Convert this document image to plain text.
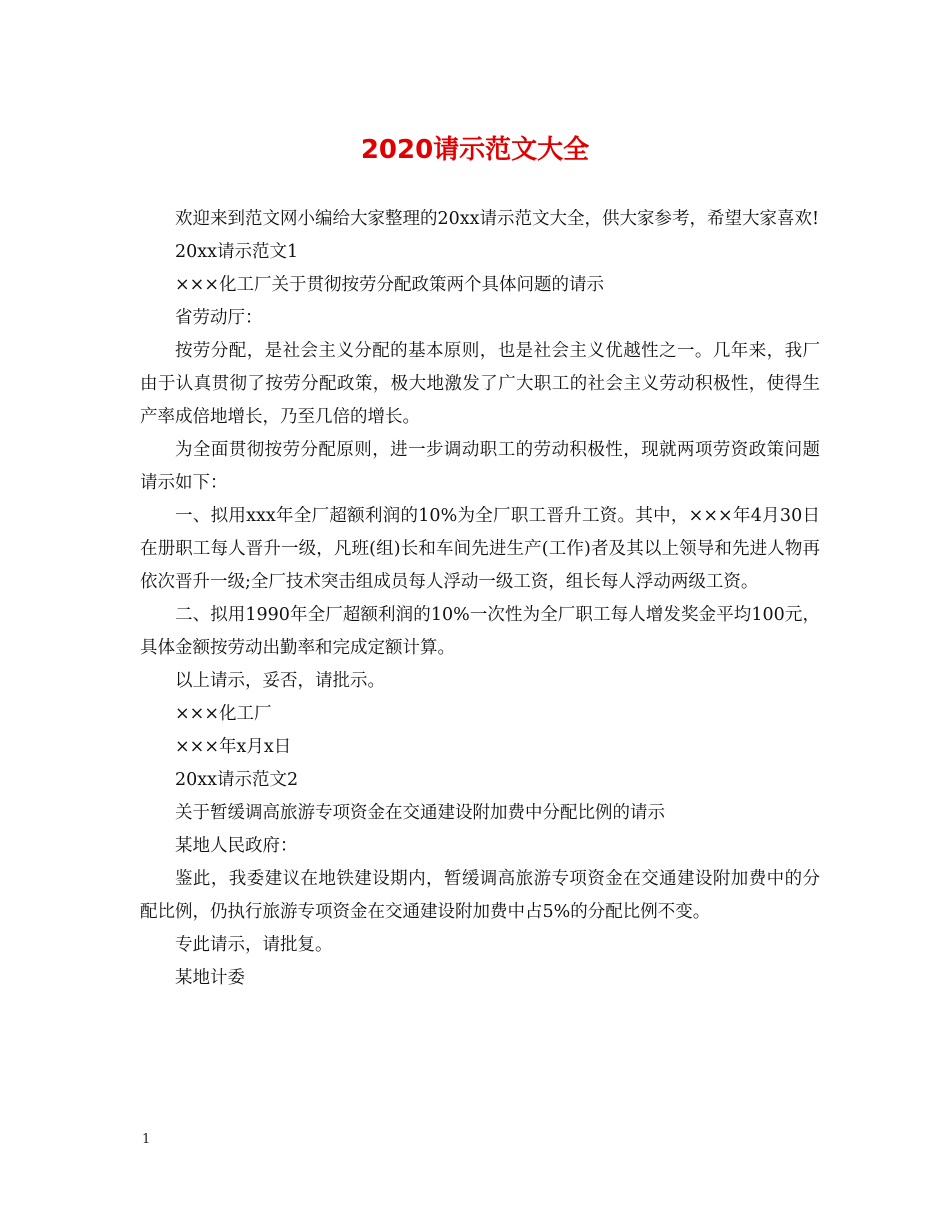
2020请示范文大全

欢迎来到范文网小编给大家整理的20xx请示范文大全，供大家参考，希望大家喜欢!

20xx请示范文1

×××化工厂关于贯彻按劳分配政策两个具体问题的请示

省劳动厅：

按劳分配，是社会主义分配的基本原则，也是社会主义优越性之一。几年来，我厂由于认真贯彻了按劳分配政策，极大地激发了广大职工的社会主义劳动积极性，使得生产率成倍地增长，乃至几倍的增长。

为全面贯彻按劳分配原则，进一步调动职工的劳动积极性，现就两项劳资政策问题请示如下：

一、拟用xxx年全厂超额利润的10%为全厂职工晋升工资。其中，×××年4月30日在册职工每人晋升一级，凡班(组)长和车间先进生产(工作)者及其以上领导和先进人物再依次晋升一级;全厂技术突击组成员每人浮动一级工资，组长每人浮动两级工资。

二、拟用1990年全厂超额利润的10%一次性为全厂职工每人增发奖金平均100元，具体金额按劳动出勤率和完成定额计算。

以上请示，妥否，请批示。

×××化工厂

×××年x月x日

20xx请示范文2

关于暂缓调高旅游专项资金在交通建设附加费中分配比例的请示

某地人民政府：

鉴此，我委建议在地铁建设期内，暂缓调高旅游专项资金在交通建设附加费中的分配比例，仍执行旅游专项资金在交通建设附加费中占5%的分配比例不变。

专此请示，请批复。

某地计委

1
